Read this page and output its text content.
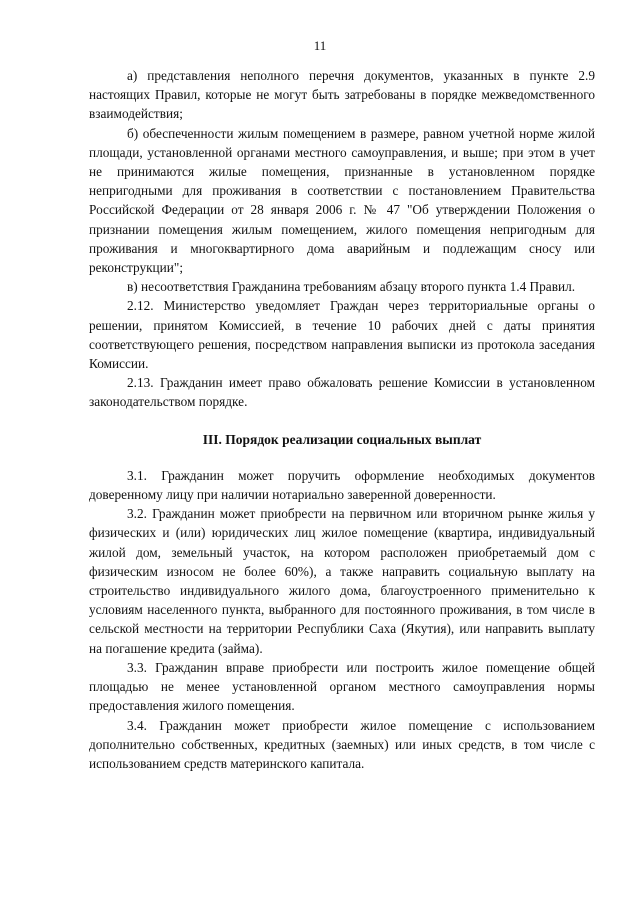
11

а) представления неполного перечня документов, указанных в пункте 2.9 настоящих Правил, которые не могут быть затребованы в порядке межведомственного взаимодействия;

б) обеспеченности жилым помещением в размере, равном учетной норме жилой площади, установленной органами местного самоуправления, и выше; при этом в учет не принимаются жилые помещения, признанные в установленном порядке непригодными для проживания в соответствии с постановлением Правительства Российской Федерации от 28 января 2006 г. № 47 "Об утверждении Положения о признании помещения жилым помещением, жилого помещения непригодным для проживания и многоквартирного дома аварийным и подлежащим сносу или реконструкции";

в) несоответствия Гражданина требованиям абзацу второго пункта 1.4 Правил.

2.12. Министерство уведомляет Граждан через территориальные органы о решении, принятом Комиссией, в течение 10 рабочих дней с даты принятия соответствующего решения, посредством направления выписки из протокола заседания Комиссии.

2.13. Гражданин имеет право обжаловать решение Комиссии в установленном законодательством порядке.

III. Порядок реализации социальных выплат

3.1. Гражданин может поручить оформление необходимых документов доверенному лицу при наличии нотариально заверенной доверенности.

3.2. Гражданин может приобрести на первичном или вторичном рынке жилья у физических и (или) юридических лиц жилое помещение (квартира, индивидуальный жилой дом, земельный участок, на котором расположен приобретаемый дом с физическим износом не более 60%), а также направить социальную выплату на строительство индивидуального жилого дома, благоустроенного применительно к условиям населенного пункта, выбранного для постоянного проживания, в том числе в сельской местности на территории Республики Саха (Якутия), или направить выплату на погашение кредита (займа).

3.3. Гражданин вправе приобрести или построить жилое помещение общей площадью не менее установленной органом местного самоуправления нормы предоставления жилого помещения.

3.4. Гражданин может приобрести жилое помещение с использованием дополнительно собственных, кредитных (заемных) или иных средств, в том числе с использованием средств материнского капитала.
